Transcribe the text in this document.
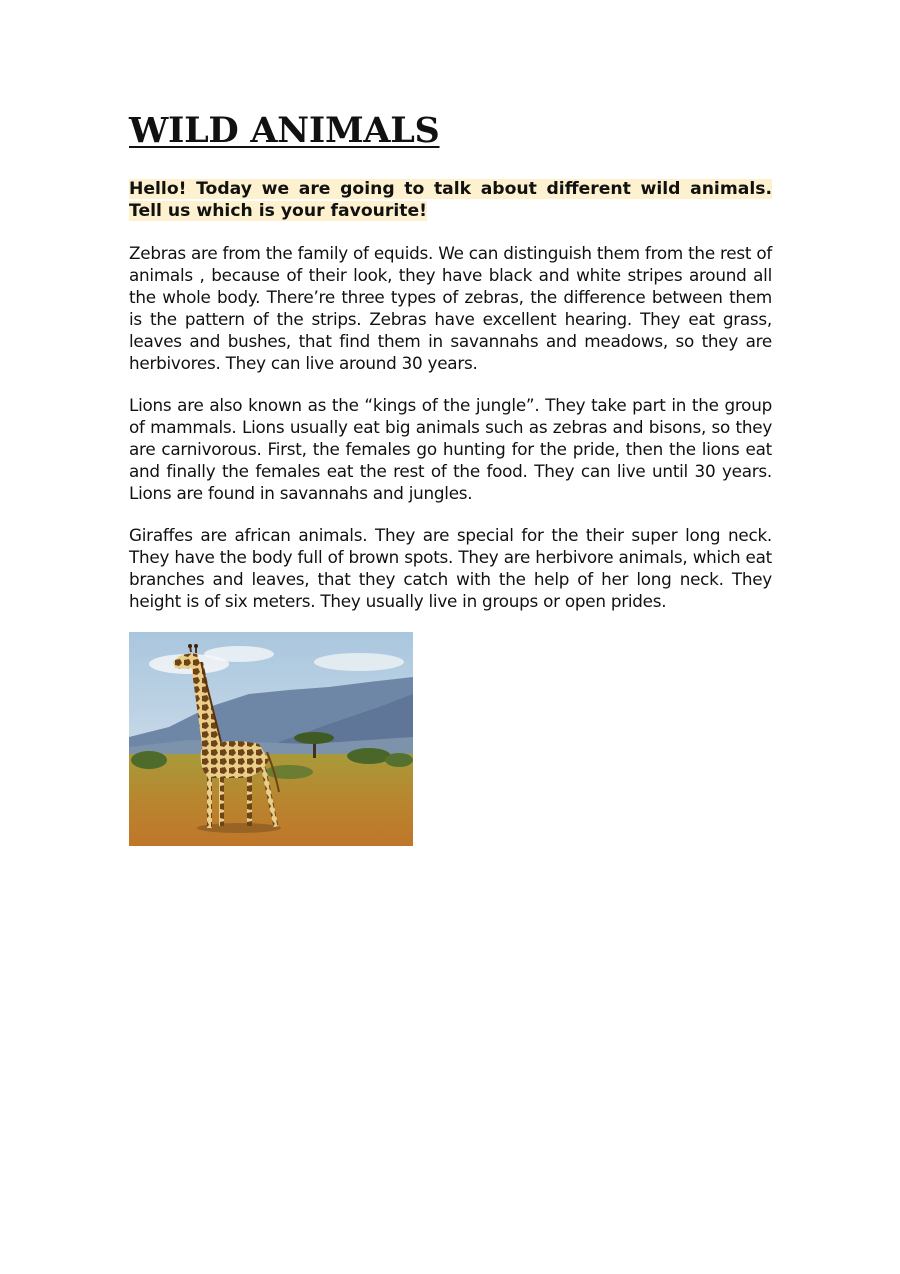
WILD ANIMALS

Hello! Today we are going to talk about different wild animals. Tell us which is your favourite!

Zebras are from the family of equids. We can distinguish them from the rest of animals , because of their look, they have black and white stripes around all the whole body. There’re three types of zebras, the difference between them is the pattern of the strips. Zebras have excellent hearing. They eat grass, leaves and bushes, that find them in savannahs and meadows, so they are herbivores. They can live around 30 years.

Lions are also known as the “kings of the jungle”. They take part in the group of mammals. Lions usually eat big animals such as zebras and bisons, so they are carnivorous. First, the females go hunting for the pride, then the lions eat and finally the females eat the rest of the food. They can live until 30 years. Lions are found in savannahs and jungles.

Giraffes are african animals. They are special for the their super long neck. They have the body full of brown spots. They are herbivore animals, which eat branches and leaves, that they catch with the help of her long neck. They height is of six meters. They usually live in groups or open prides.
